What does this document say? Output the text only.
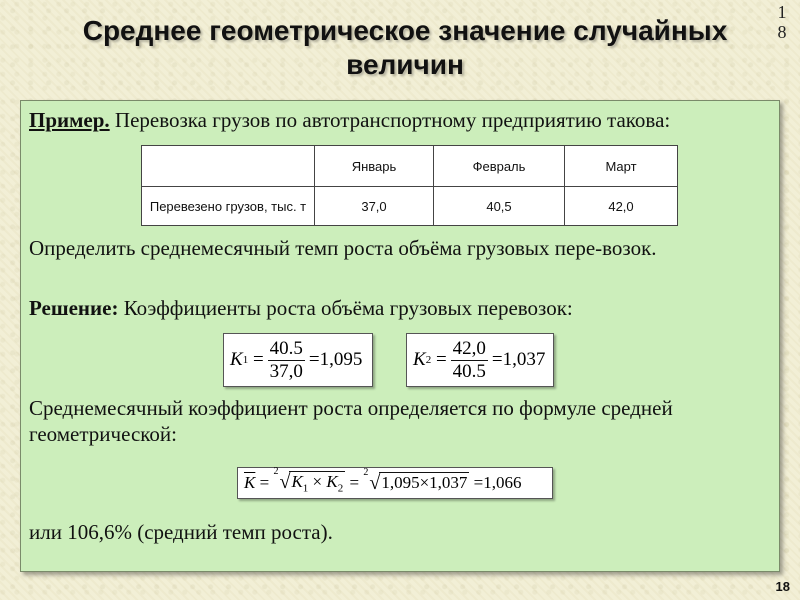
18
Среднее геометрическое значение случайных величин
Пример. Перевозка грузов по автотранспортному предприятию такова:
	Январь	Февраль	Март
Перевезено грузов, тыс. т	37,0	40,5	42,0
Определить среднемесячный темп роста объёма грузовых пере-возок.
Решение: Коэффициенты роста объёма грузовых перевозок:
K $1 = \frac{40.5}{37,0} = 1,095$	K $2 = \frac{42,0}{40.5} = 1,037$
Среднемесячный коэффициент роста определяется по формуле средней геометрической:
$\overline{K}$ =
2 √ $K_1 \times K_2$ =
2 √ 1,095×1,037 = 1,066
или 106,6% (средний темп роста).
18
